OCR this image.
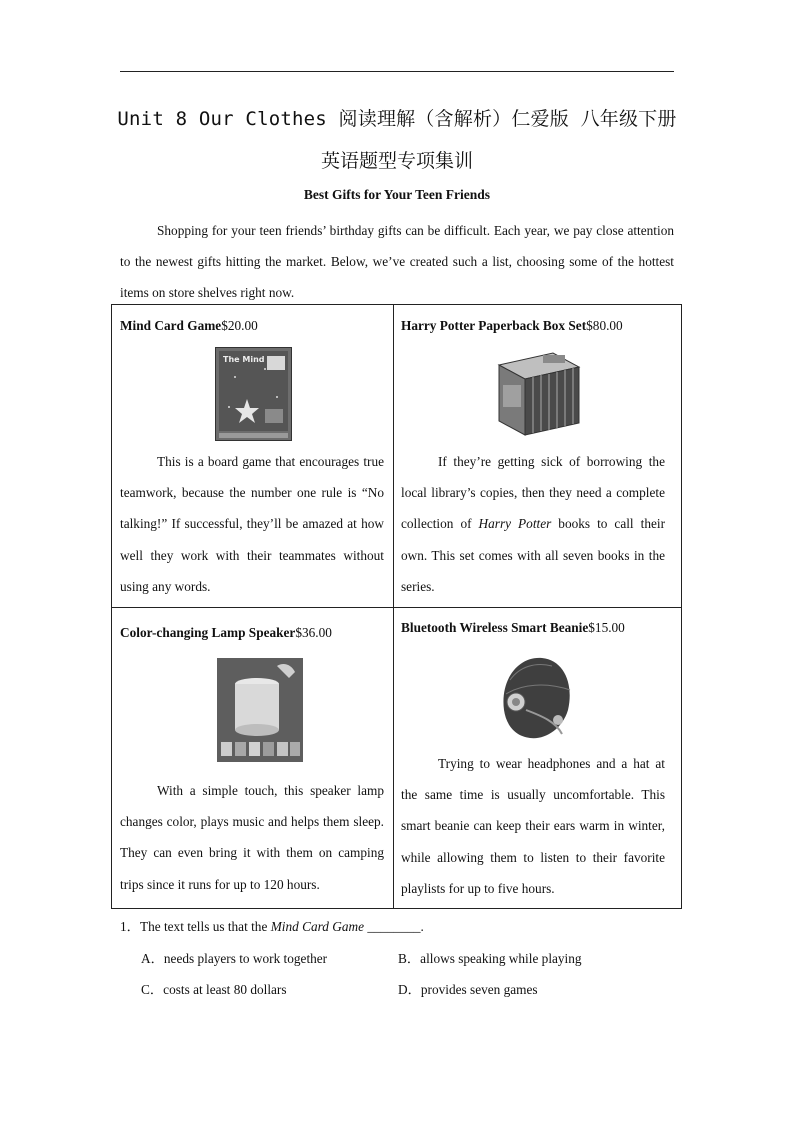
Unit 8 Our Clothes 阅读理解（含解析）仁爱版 八年级下册
英语题型专项集训
Best Gifts for Your Teen Friends

Shopping for your teen friends’ birthday gifts can be difficult. Each year, we pay close attention to the newest gifts hitting the market. Below, we’ve created such a list, choosing some of the hottest items on store shelves right now.

Mind Card Game$20.00
The Mind

This is a board game that encourages true teamwork, because the number one rule is “No talking!” If successful, they’ll be amazed at how well they work with their teammates without using any words.

Harry Potter Paperback Box Set$80.00

If they’re getting sick of borrowing the local library’s copies, then they need a complete collection of Harry Potter books to call their own. This set comes with all seven books in the series.

Color-changing Lamp Speaker$36.00

With a simple touch, this speaker lamp changes color, plays music and helps them sleep. They can even bring it with them on camping trips since it runs for up to 120 hours.

Bluetooth Wireless Smart Beanie$15.00

Trying to wear headphones and a hat at the same time is usually uncomfortable. This smart beanie can keep their ears warm in winter, while allowing them to listen to their favorite playlists for up to five hours.

1．The text tells us that the Mind Card Game ________.
A．needs players to work together	B．allows speaking while playing
C．costs at least 80 dollars	D．provides seven games
